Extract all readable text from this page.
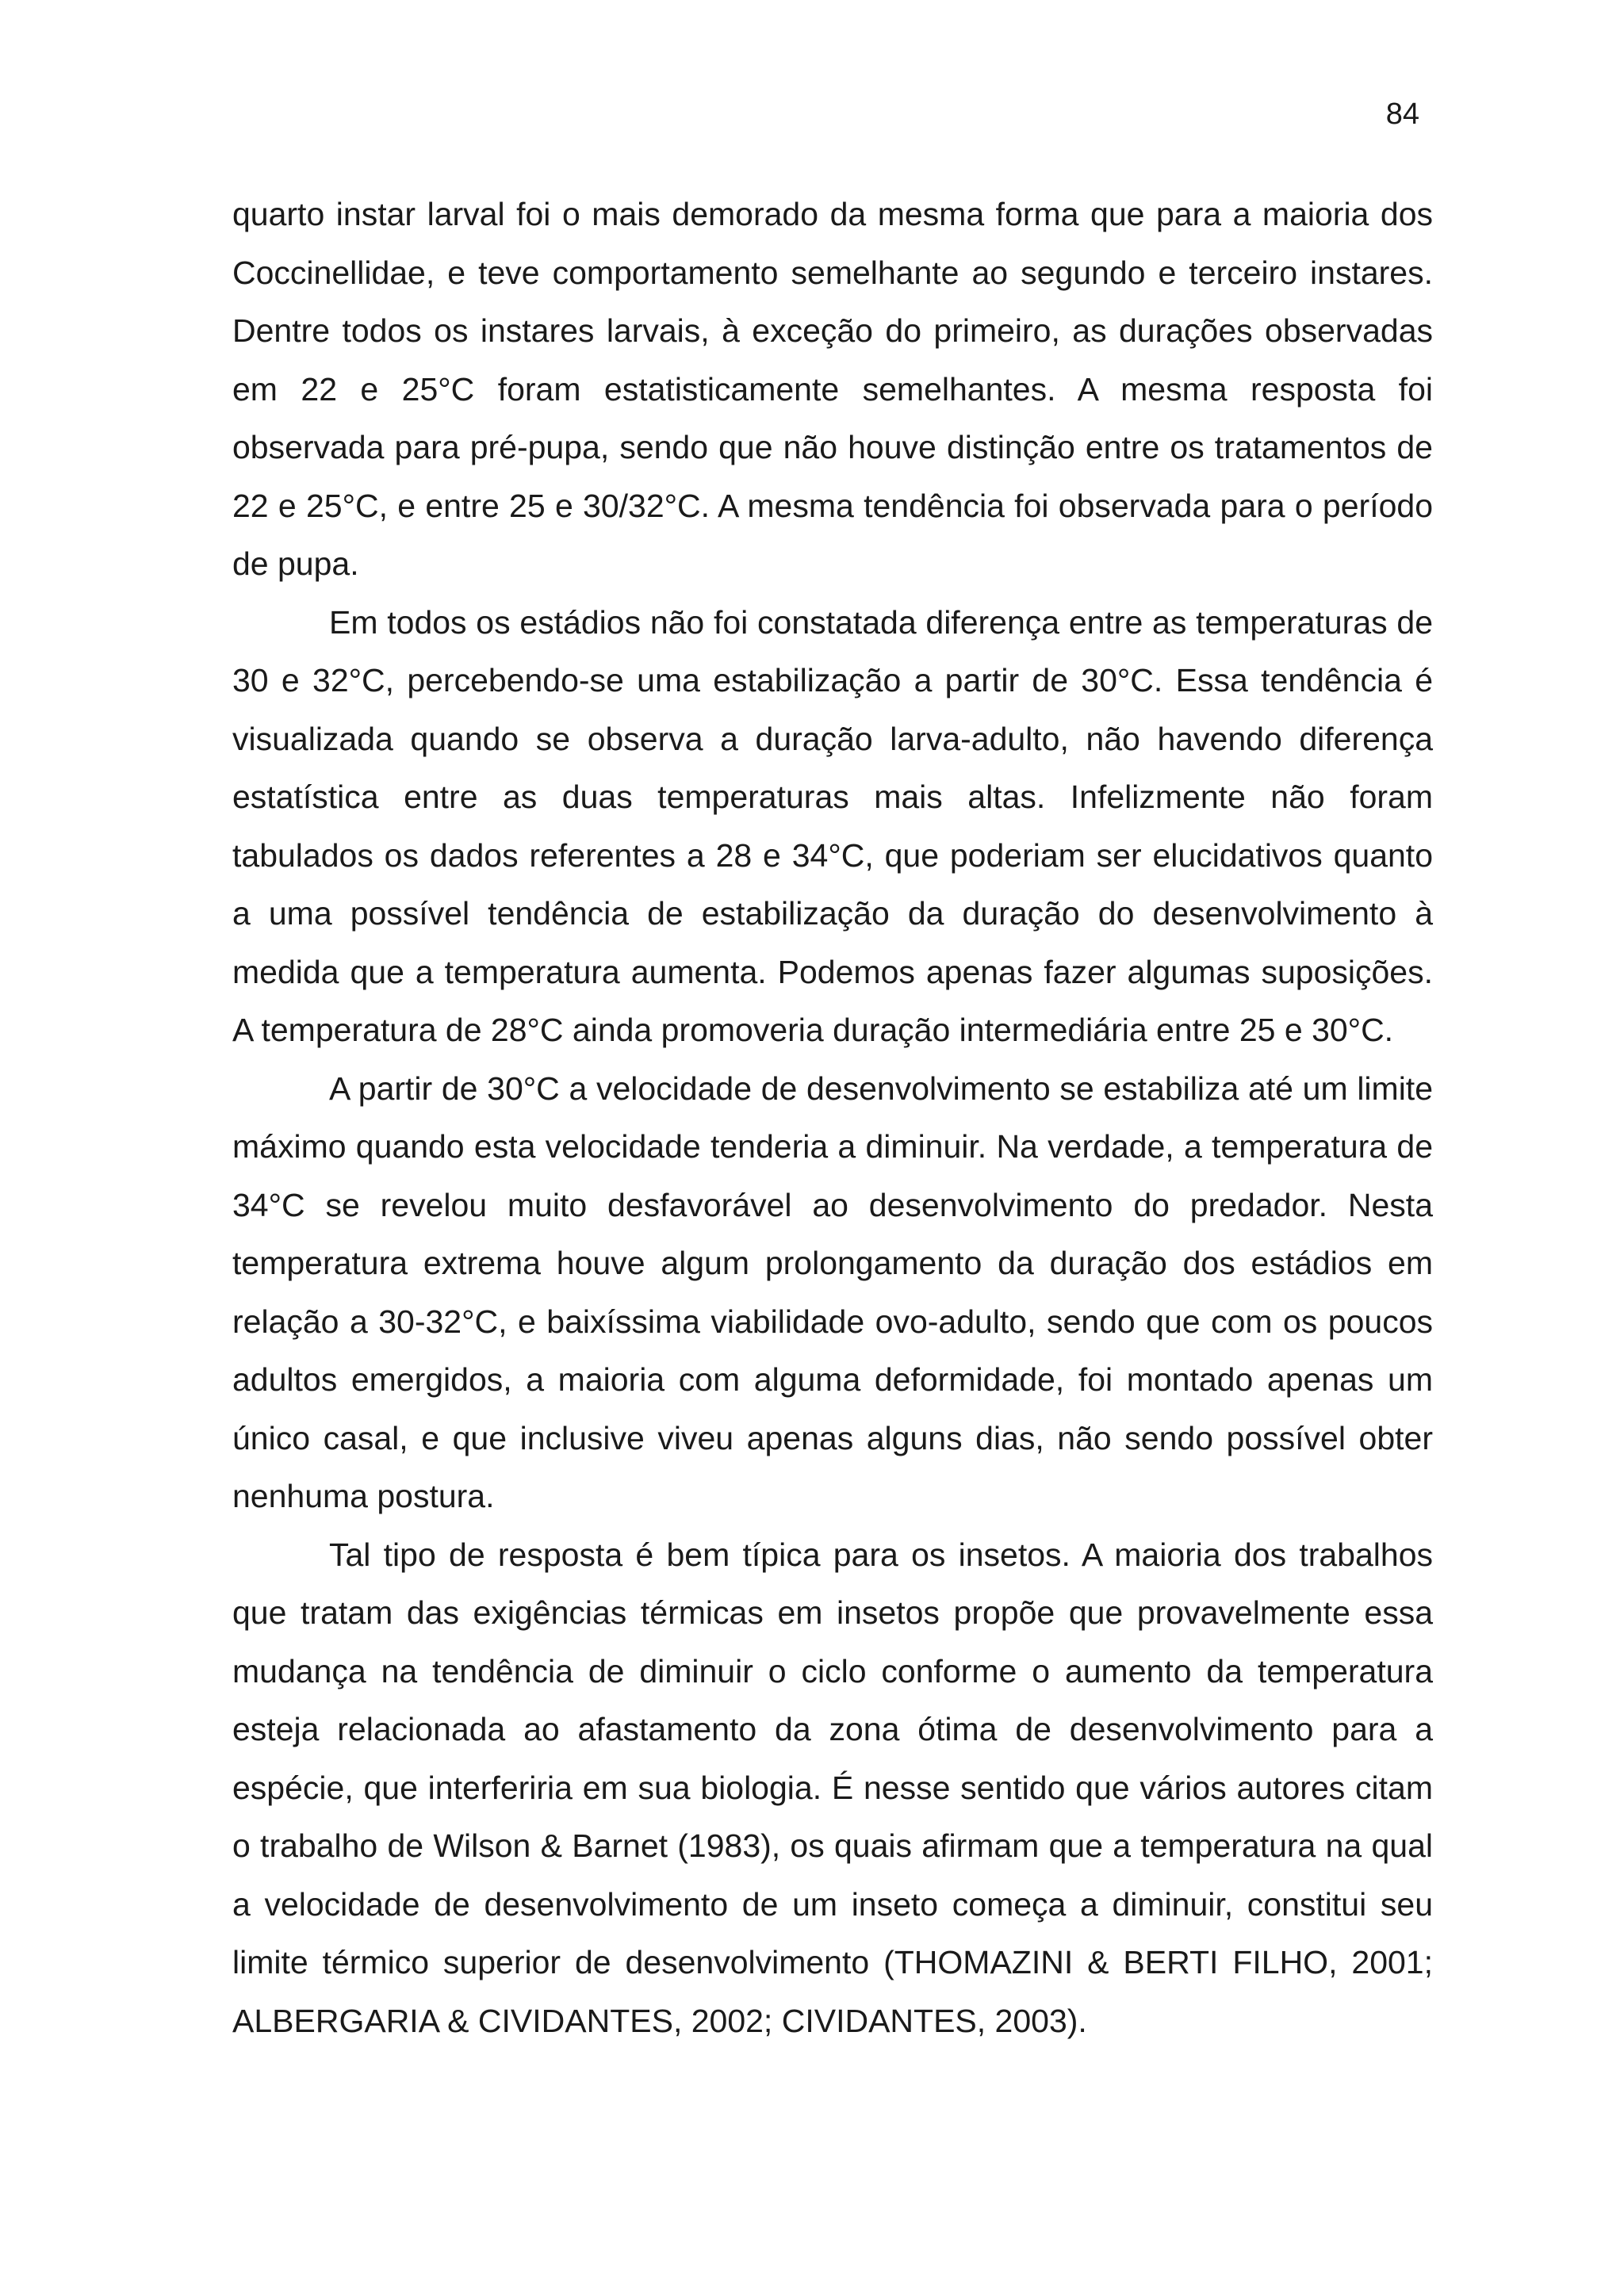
84

quarto instar larval foi o mais demorado da mesma forma que para a maioria dos Coccinellidae, e teve comportamento semelhante ao segundo e terceiro instares. Dentre todos os instares larvais, à exceção do primeiro, as durações observadas em 22 e 25°C foram estatisticamente semelhantes. A mesma resposta foi observada para pré-pupa, sendo que não houve distinção entre os tratamentos de 22 e 25°C, e entre 25 e 30/32°C. A mesma tendência foi observada para o período de pupa.

Em todos os estádios não foi constatada diferença entre as temperaturas de 30 e 32°C, percebendo-se uma estabilização a partir de 30°C. Essa tendência é visualizada quando se observa a duração larva-adulto, não havendo diferença estatística entre as duas temperaturas mais altas. Infelizmente não foram tabulados os dados referentes a 28 e 34°C, que poderiam ser elucidativos quanto a uma possível tendência de estabilização da duração do desenvolvimento à medida que a temperatura aumenta. Podemos apenas fazer algumas suposições. A temperatura de 28°C ainda promoveria duração intermediária entre 25 e 30°C.

A partir de 30°C a velocidade de desenvolvimento se estabiliza até um limite máximo quando esta velocidade tenderia a diminuir. Na verdade, a temperatura de 34°C se revelou muito desfavorável ao desenvolvimento do predador. Nesta temperatura extrema houve algum prolongamento da duração dos estádios em relação a 30-32°C, e baixíssima viabilidade ovo-adulto, sendo que com os poucos adultos emergidos, a maioria com alguma deformidade, foi montado apenas um único casal, e que inclusive viveu apenas alguns dias, não sendo possível obter nenhuma postura.

Tal tipo de resposta é bem típica para os insetos. A maioria dos trabalhos que tratam das exigências térmicas em insetos propõe que provavelmente essa mudança na tendência de diminuir o ciclo conforme o aumento da temperatura esteja relacionada ao afastamento da zona ótima de desenvolvimento para a espécie, que interferiria em sua biologia. É nesse sentido que vários autores citam o trabalho de Wilson & Barnet (1983), os quais afirmam que a temperatura na qual a velocidade de desenvolvimento de um inseto começa a diminuir, constitui seu limite térmico superior de desenvolvimento (THOMAZINI & BERTI FILHO, 2001; ALBERGARIA & CIVIDANTES, 2002; CIVIDANTES, 2003).
